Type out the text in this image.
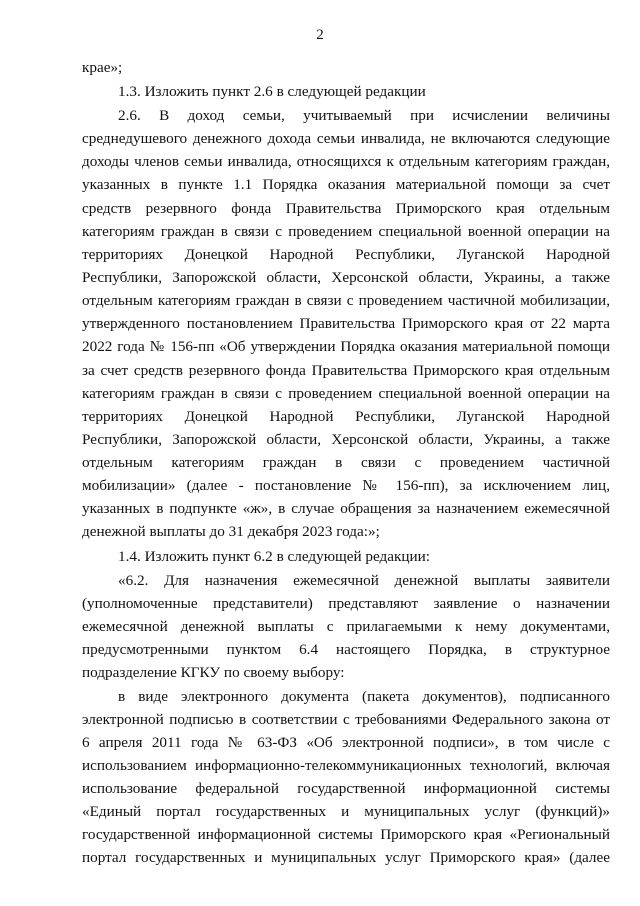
2
крае»;
1.3. Изложить пункт 2.6 в следующей редакции
2.6. В доход семьи, учитываемый при исчислении величины
среднедушевого денежного дохода семьи инвалида, не включаются следующие
доходы членов семьи инвалида, относящихся к отдельным категориям граждан,
указанных в пункте 1.1 Порядка оказания материальной помощи за счет
средств резервного фонда Правительства Приморского края отдельным
категориям граждан в связи с проведением специальной военной операции на
территориях Донецкой Народной Республики, Луганской Народной
Республики, Запорожской области, Херсонской области, Украины, а также
отдельным категориям граждан в связи с проведением частичной мобилизации,
утвержденного постановлением Правительства Приморского края от 22 марта
2022 года № 156-пп «Об утверждении Порядка оказания материальной помощи
за счет средств резервного фонда Правительства Приморского края отдельным
категориям граждан в связи с проведением специальной военной операции на
территориях Донецкой Народной Республики, Луганской Народной
Республики, Запорожской области, Херсонской области, Украины, а также
отдельным категориям граждан в связи с проведением частичной
мобилизации» (далее - постановление № 156-пп), за исключением лиц,
указанных в подпункте «ж», в случае обращения за назначением ежемесячной
денежной выплаты до 31 декабря 2023 года:»;
1.4. Изложить пункт 6.2 в следующей редакции:
«6.2. Для назначения ежемесячной денежной выплаты заявители
(уполномоченные представители) представляют заявление о назначении
ежемесячной денежной выплаты с прилагаемыми к нему документами,
предусмотренными пунктом 6.4 настоящего Порядка, в структурное
подразделение КГКУ по своему выбору:
в виде электронного документа (пакета документов), подписанного
электронной подписью в соответствии с требованиями Федерального закона от
6 апреля 2011 года № 63-ФЗ «Об электронной подписи», в том числе с
использованием информационно-телекоммуникационных технологий, включая
использование федеральной государственной информационной системы
«Единый портал государственных и муниципальных услуг (функций)»
государственной информационной системы Приморского края «Региональный
портал государственных и муниципальных услуг Приморского края» (далее
